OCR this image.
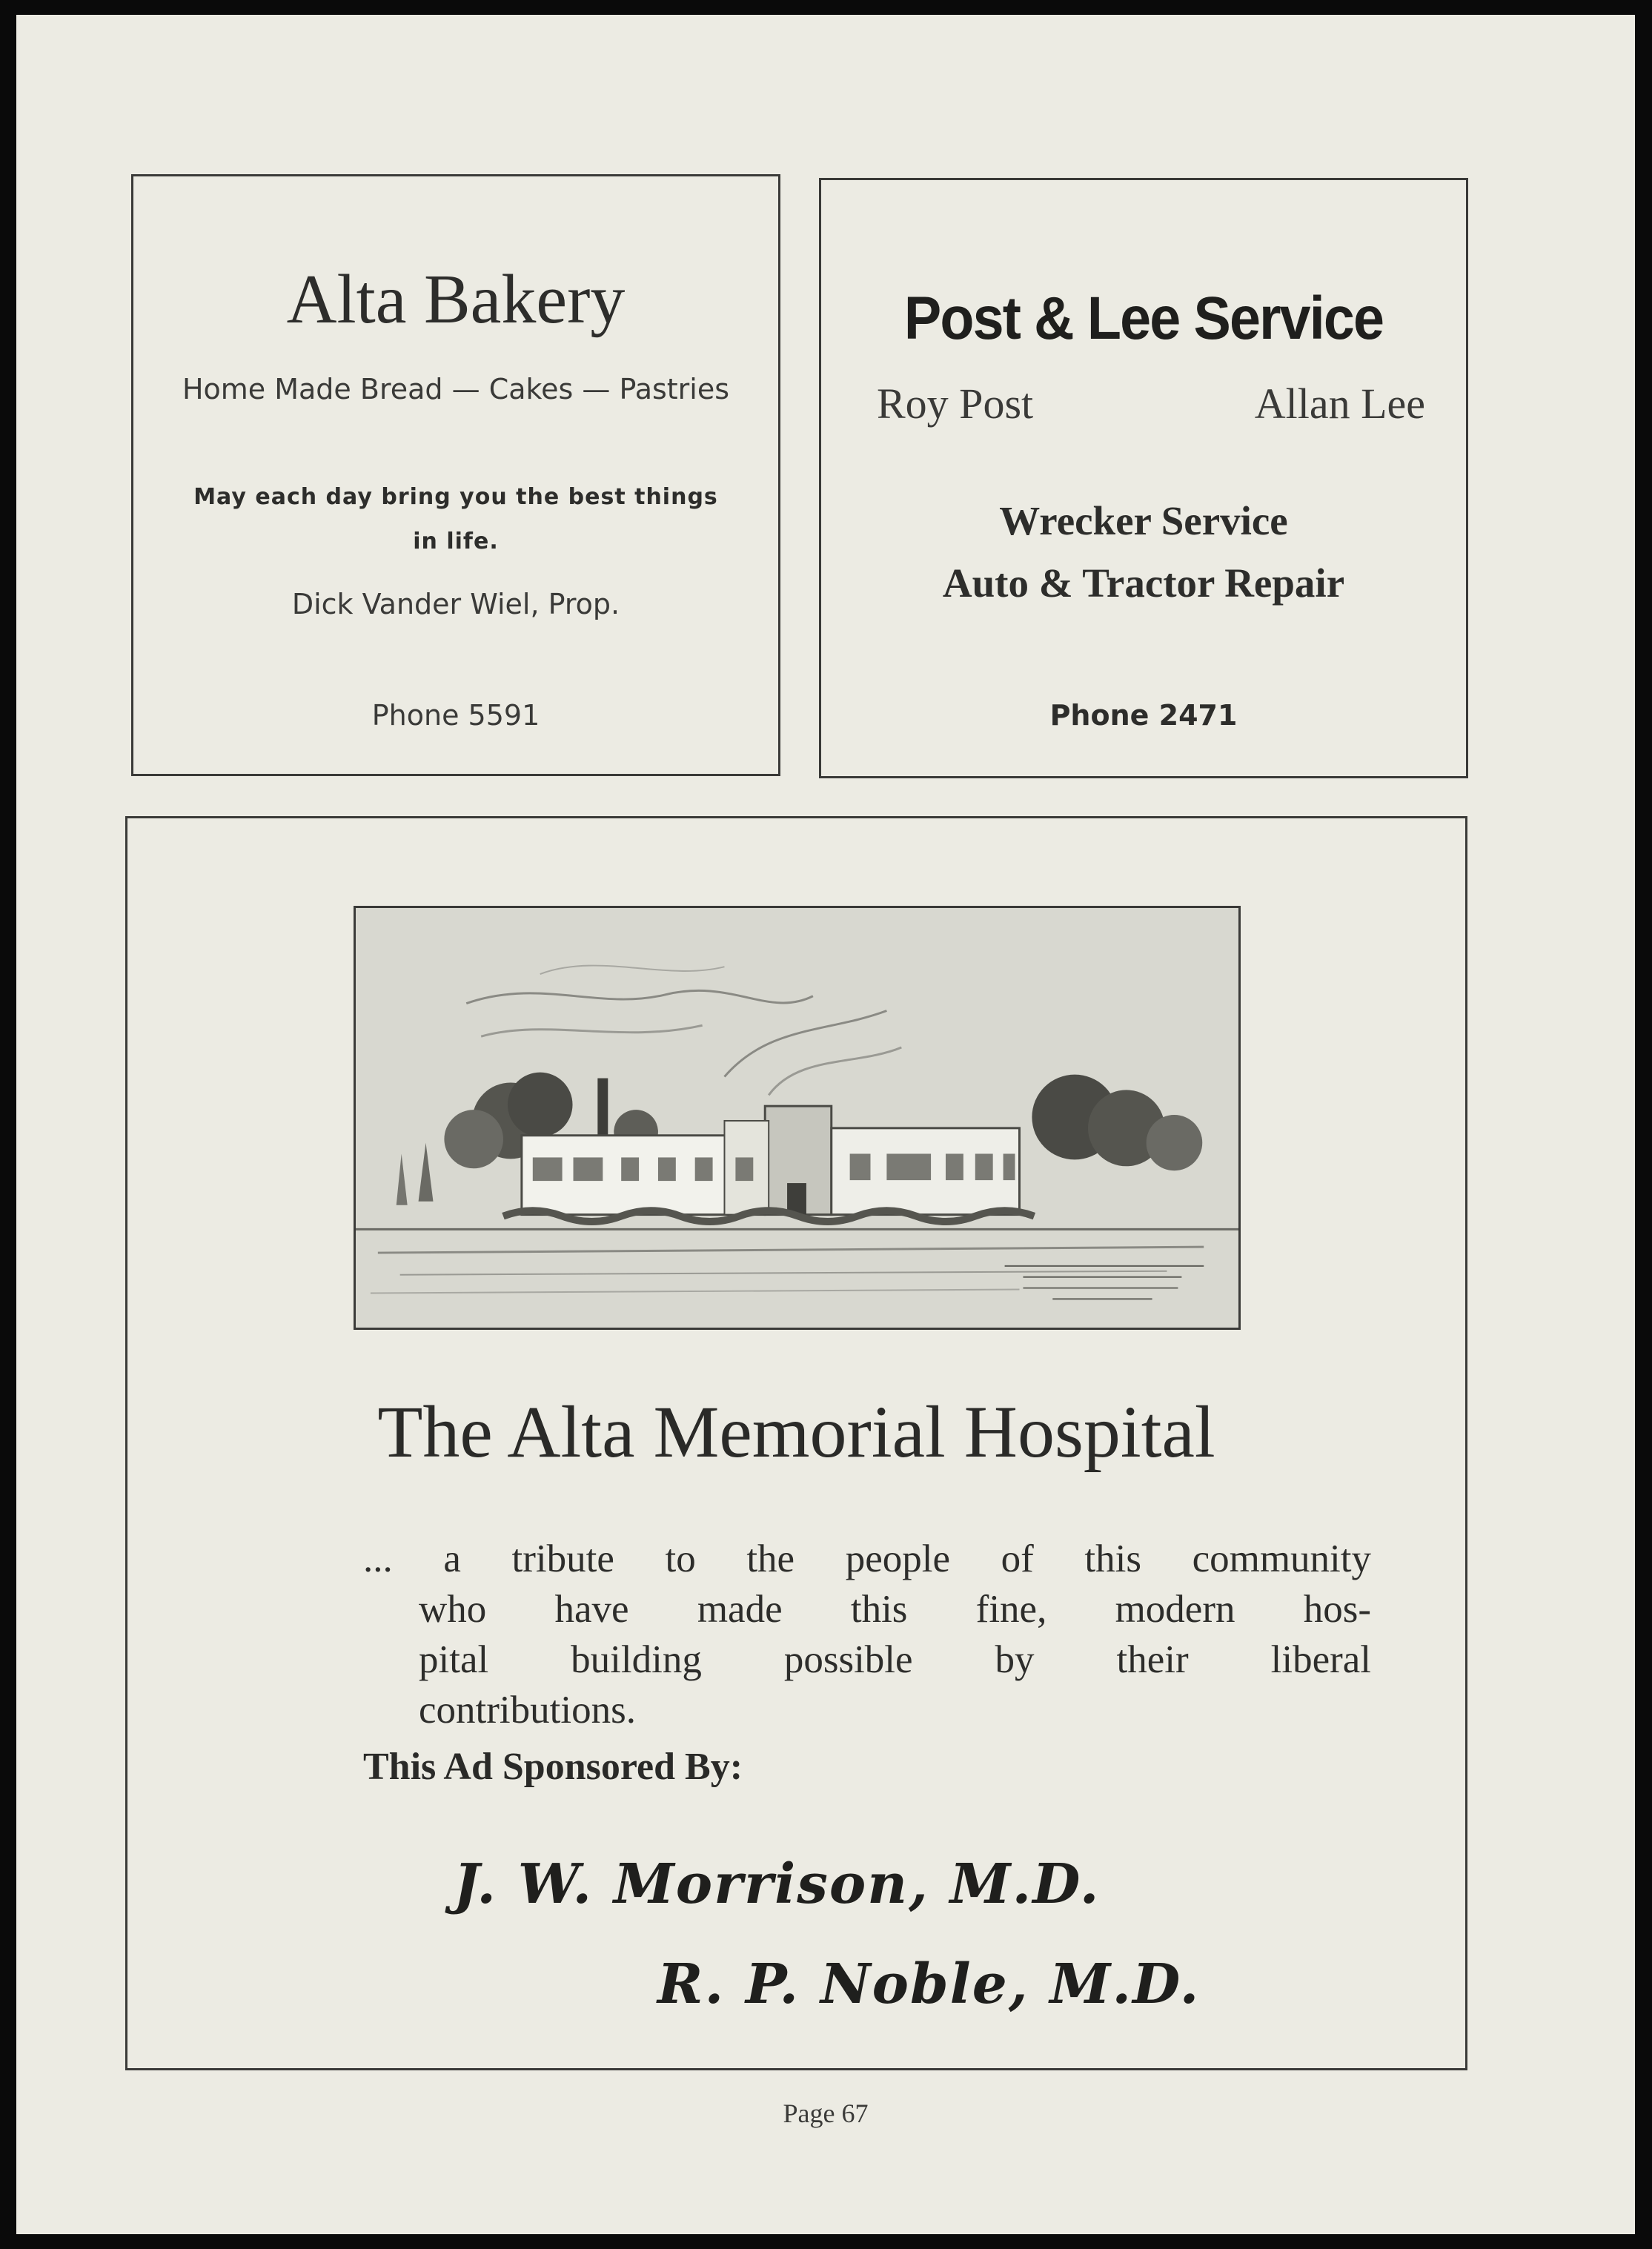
Alta Bakery
Home Made Bread — Cakes — Pastries
May each day bring you the best things
in life.
Dick Vander Wiel, Prop.
Phone 5591
Post & Lee Service
Roy Post	Allan Lee
Wrecker Service
Auto & Tractor Repair
Phone 2471
The Alta Memorial Hospital
... a tribute to the people of this community
who have made this fine, modern hos-
pital building possible by their liberal
contributions.
This Ad Sponsored By:
J. W. Morrison, M.D.
R. P. Noble, M.D.
Page 67
